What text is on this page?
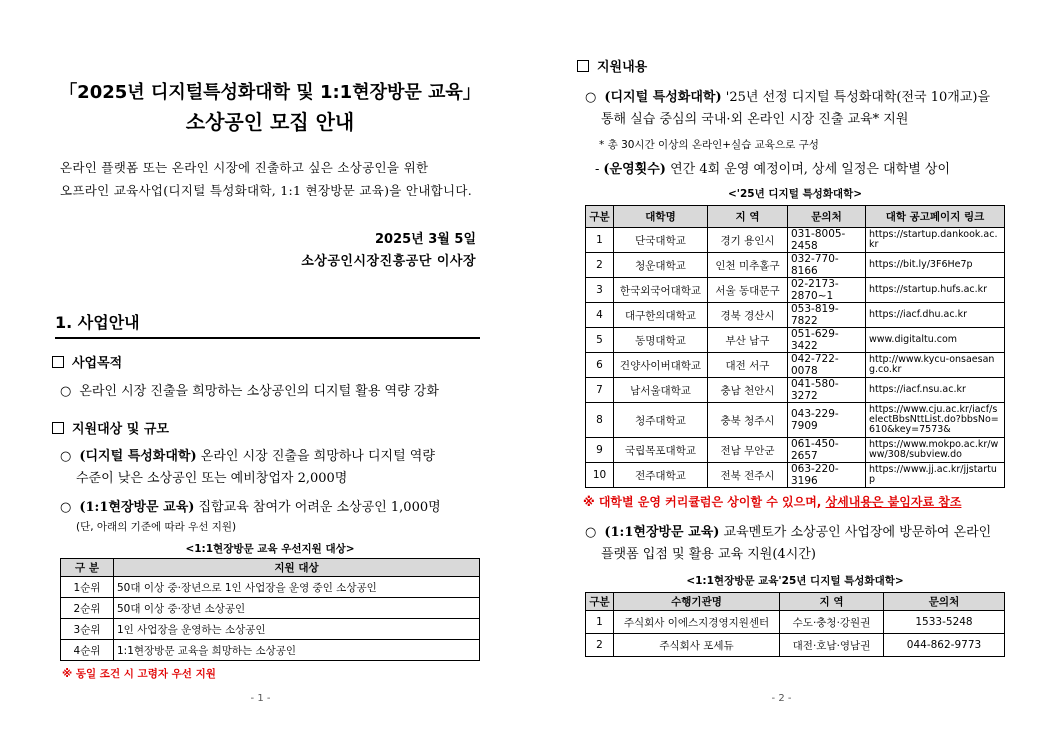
「2025년 디지털특성화대학 및 1:1현장방문 교육」
소상공인 모집 안내
온라인 플랫폼 또는 온라인 시장에 진출하고 싶은 소상공인을 위한
오프라인 교육사업(디지털 특성화대학, 1:1 현장방문 교육)을 안내합니다.
2025년 3월 5일
소상공인시장진흥공단 이사장
1. 사업안내
사업목적
○ 온라인 시장 진출을 희망하는 소상공인의 디지털 활용 역량 강화
지원대상 및 규모
○ (디지털 특성화대학) 온라인 시장 진출을 희망하나 디지털 역량
수준이 낮은 소상공인 또는 예비창업자 2,000명
○ (1:1현장방문 교육) 집합교육 참여가 어려운 소상공인 1,000명
(단, 아래의 기준에 따라 우선 지원)
<1:1현장방문 교육 우선지원 대상>
구 분	지원 대상
1순위	50대 이상 중·장년으로 1인 사업장을 운영 중인 소상공인
2순위	50대 이상 중·장년 소상공인
3순위	1인 사업장을 운영하는 소상공인
4순위	1:1현장방문 교육을 희망하는 소상공인
※ 동일 조건 시 고령자 우선 지원
- 1 -
지원내용
○ (디지털 특성화대학) '25년 선정 디지털 특성화대학(전국 10개교)을
통해 실습 중심의 국내·외 온라인 시장 진출 교육* 지원
* 총 30시간 이상의 온라인+실습 교육으로 구성
- (운영횟수) 연간 4회 운영 예정이며, 상세 일정은 대학별 상이
<'25년 디지털 특성화대학>
구분	대학명	지 역	문의처	대학 공고페이지 링크
1	단국대학교	경기 용인시	031-8005-2458	https://startup.dankook.ac.kr
2	청운대학교	인천 미추홀구	032-770-8166	https://bit.ly/3F6He7p
3	한국외국어대학교	서울 동대문구	02-2173-2870~1	https://startup.hufs.ac.kr
4	대구한의대학교	경북 경산시	053-819-7822	https://iacf.dhu.ac.kr
5	동명대학교	부산 남구	051-629-3422	www.digitaltu.com
6	건양사이버대학교	대전 서구	042-722-0078	http://www.kycu-onsaesang.co.kr
7	남서울대학교	충남 천안시	041-580-3272	https://iacf.nsu.ac.kr
8	청주대학교	충북 청주시	043-229-7909	https://www.cju.ac.kr/iacf/selectBbsNttList.do?bbsNo=610&key=7573&
9	국립목포대학교	전남 무안군	061-450-2657	https://www.mokpo.ac.kr/www/308/subview.do
10	전주대학교	전북 전주시	063-220-3196	https://www.jj.ac.kr/jjstartup
※ 대학별 운영 커리큘럼은 상이할 수 있으며, 상세내용은 붙임자료 참조
○ (1:1현장방문 교육) 교육멘토가 소상공인 사업장에 방문하여 온라인
플랫폼 입점 및 활용 교육 지원(4시간)
<1:1현장방문 교육'25년 디지털 특성화대학>
구분	수행기관명	지 역	문의처
1	주식회사 이에스지경영지원센터	수도·충청·강원권	1533-5248
2	주식회사 포세듀	대전·호남·영남권	044-862-9773
- 2 -
